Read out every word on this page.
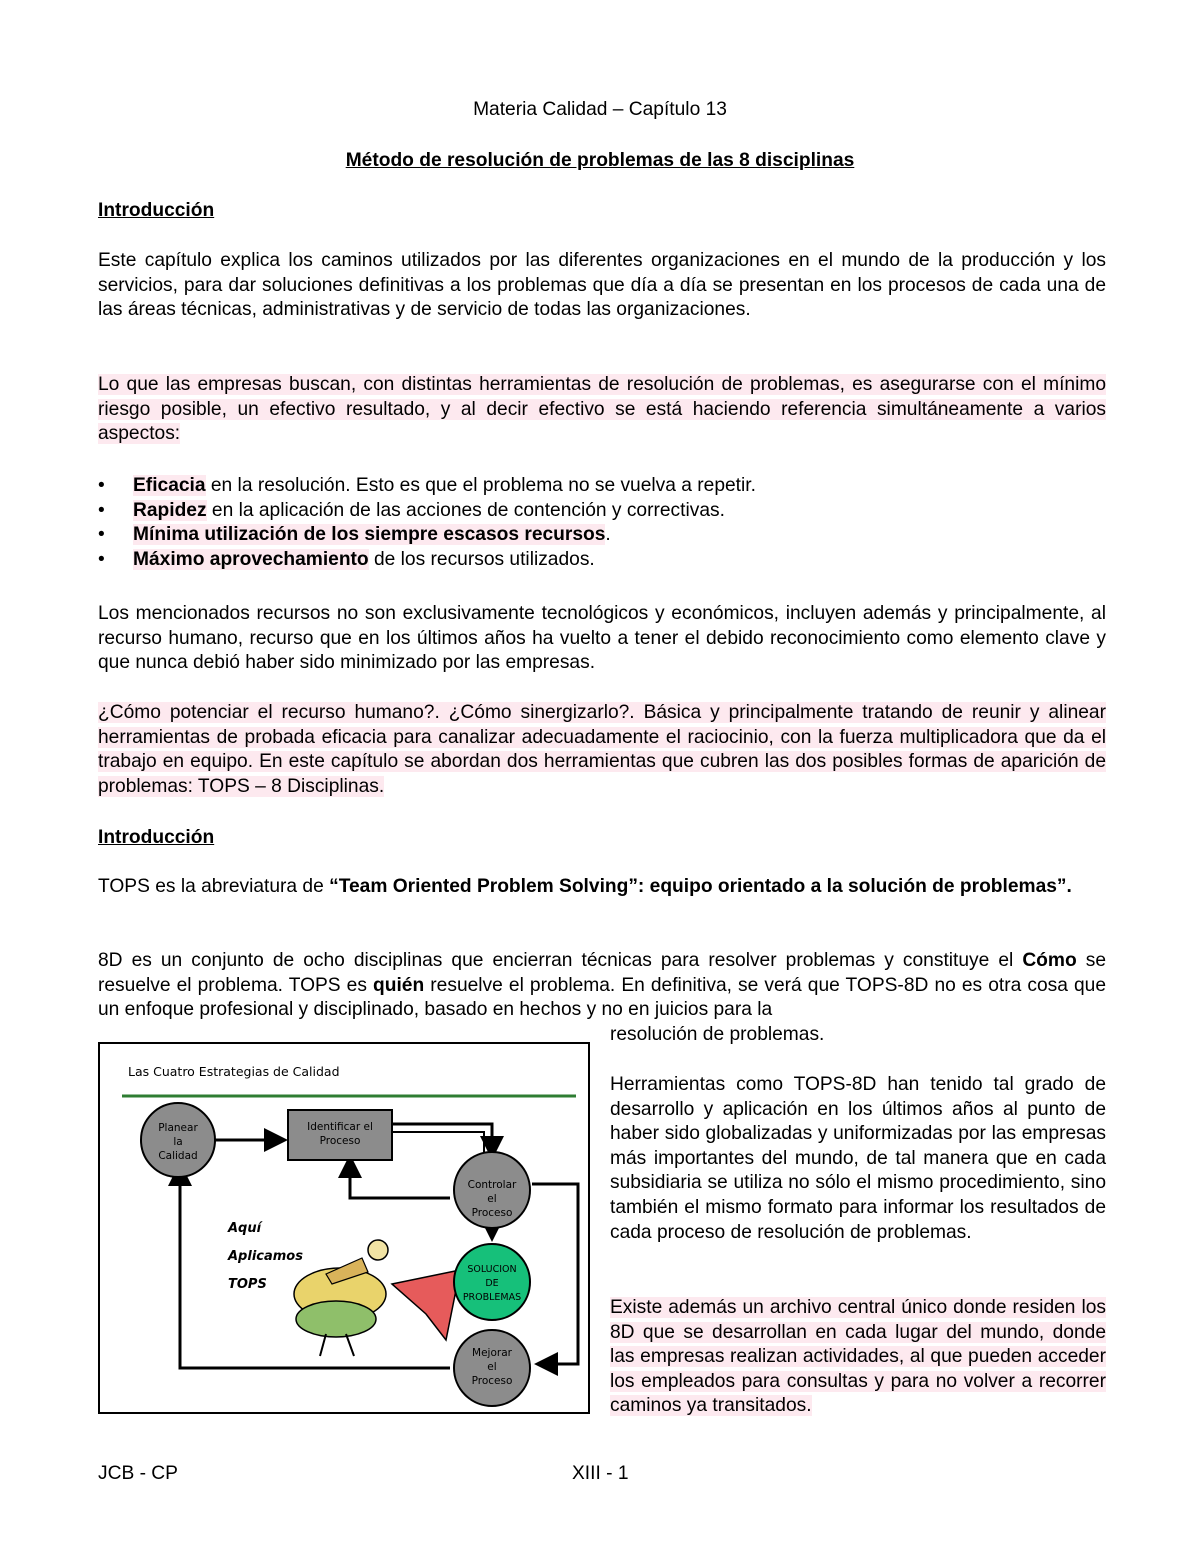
Materia Calidad – Capítulo 13
Método de resolución de problemas de las 8 disciplinas
Introducción
Este capítulo explica los caminos utilizados por las diferentes organizaciones en el mundo de la producción y los servicios, para dar soluciones definitivas a los problemas que día a día se presentan en los procesos de cada una de las áreas técnicas, administrativas y de servicio de todas las organizaciones.
Lo que las empresas buscan, con distintas herramientas de resolución de problemas, es asegurarse con el mínimo riesgo posible, un efectivo resultado, y al decir efectivo se está haciendo referencia simultáneamente a varios aspectos:
• Eficacia en la resolución. Esto es que el problema no se vuelva a repetir.
• Rapidez en la aplicación de las acciones de contención y correctivas.
• Mínima utilización de los siempre escasos recursos.
• Máximo aprovechamiento de los recursos utilizados.
Los mencionados recursos no son exclusivamente tecnológicos y económicos, incluyen además y principalmente, al recurso humano, recurso que en los últimos años ha vuelto a tener el debido reconocimiento como elemento clave y que nunca debió haber sido minimizado por las empresas.
¿Cómo potenciar el recurso humano?. ¿Cómo sinergizarlo?. Básica y principalmente tratando de reunir y alinear herramientas de probada eficacia para canalizar adecuadamente el raciocinio, con la fuerza multiplicadora que da el trabajo en equipo. En este capítulo se abordan dos herramientas que cubren las dos posibles formas de aparición de problemas: TOPS – 8 Disciplinas.
Introducción
TOPS es la abreviatura de “Team Oriented Problem Solving”: equipo orientado a la solución de problemas”.
8D es un conjunto de ocho disciplinas que encierran técnicas para resolver problemas y constituye el Cómo se resuelve el problema. TOPS es quién resuelve el problema. En definitiva, se verá que TOPS-8D no es otra cosa que un enfoque profesional y disciplinado, basado en hechos y no en juicios para la
resolución de problemas.
Herramientas como TOPS-8D han tenido tal grado de desarrollo y aplicación en los últimos años al punto de haber sido globalizadas y uniformizadas por las empresas más importantes del mundo, de tal manera que en cada subsidiaria se utiliza no sólo el mismo procedimiento, sino también el mismo formato para informar los resultados de cada proceso de resolución de problemas.
Existe además un archivo central único donde residen los 8D que se desarrollan en cada lugar del mundo, donde las empresas realizan actividades, al que pueden acceder los empleados para consultas y para no volver a recorrer caminos ya transitados.
Las Cuatro Estrategias de Calidad
Planear
la
Calidad
Identificar el
Proceso
Controlar
el
Proceso
Aquí
Aplicamos
TOPS
SOLUCION
DE
PROBLEMAS
Mejorar
el
Proceso
JCB - CP	XIII - 1
